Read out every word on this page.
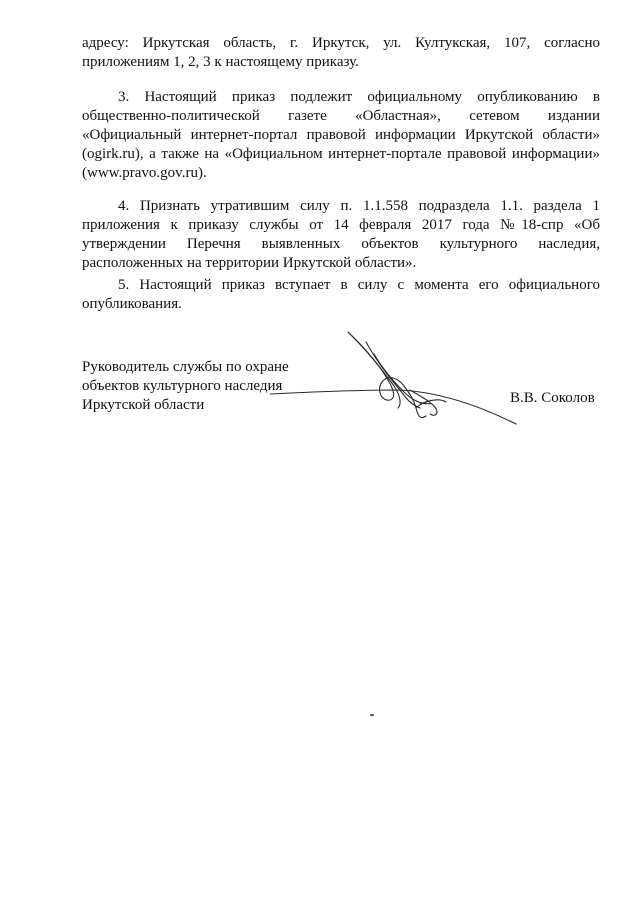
адресу: Иркутская область, г. Иркутск, ул. Култукская, 107, согласно приложениям 1, 2, 3 к настоящему приказу.

3. Настоящий приказ подлежит официальному опубликованию в общественно-политической газете «Областная», сетевом издании «Официальный интернет-портал правовой информации Иркутской области» (ogirk.ru), а также на «Официальном интернет-портале правовой информации» (www.pravo.gov.ru).

4. Признать утратившим силу п. 1.1.558 подраздела 1.1. раздела 1 приложения к приказу службы от 14 февраля 2017 года №18-спр «Об утверждении Перечня выявленных объектов культурного наследия, расположенных на территории Иркутской области».

5. Настоящий приказ вступает в силу с момента его официального опубликования.

Руководитель службы по охране
объектов культурного наследия
Иркутской области	В.В. Соколов
